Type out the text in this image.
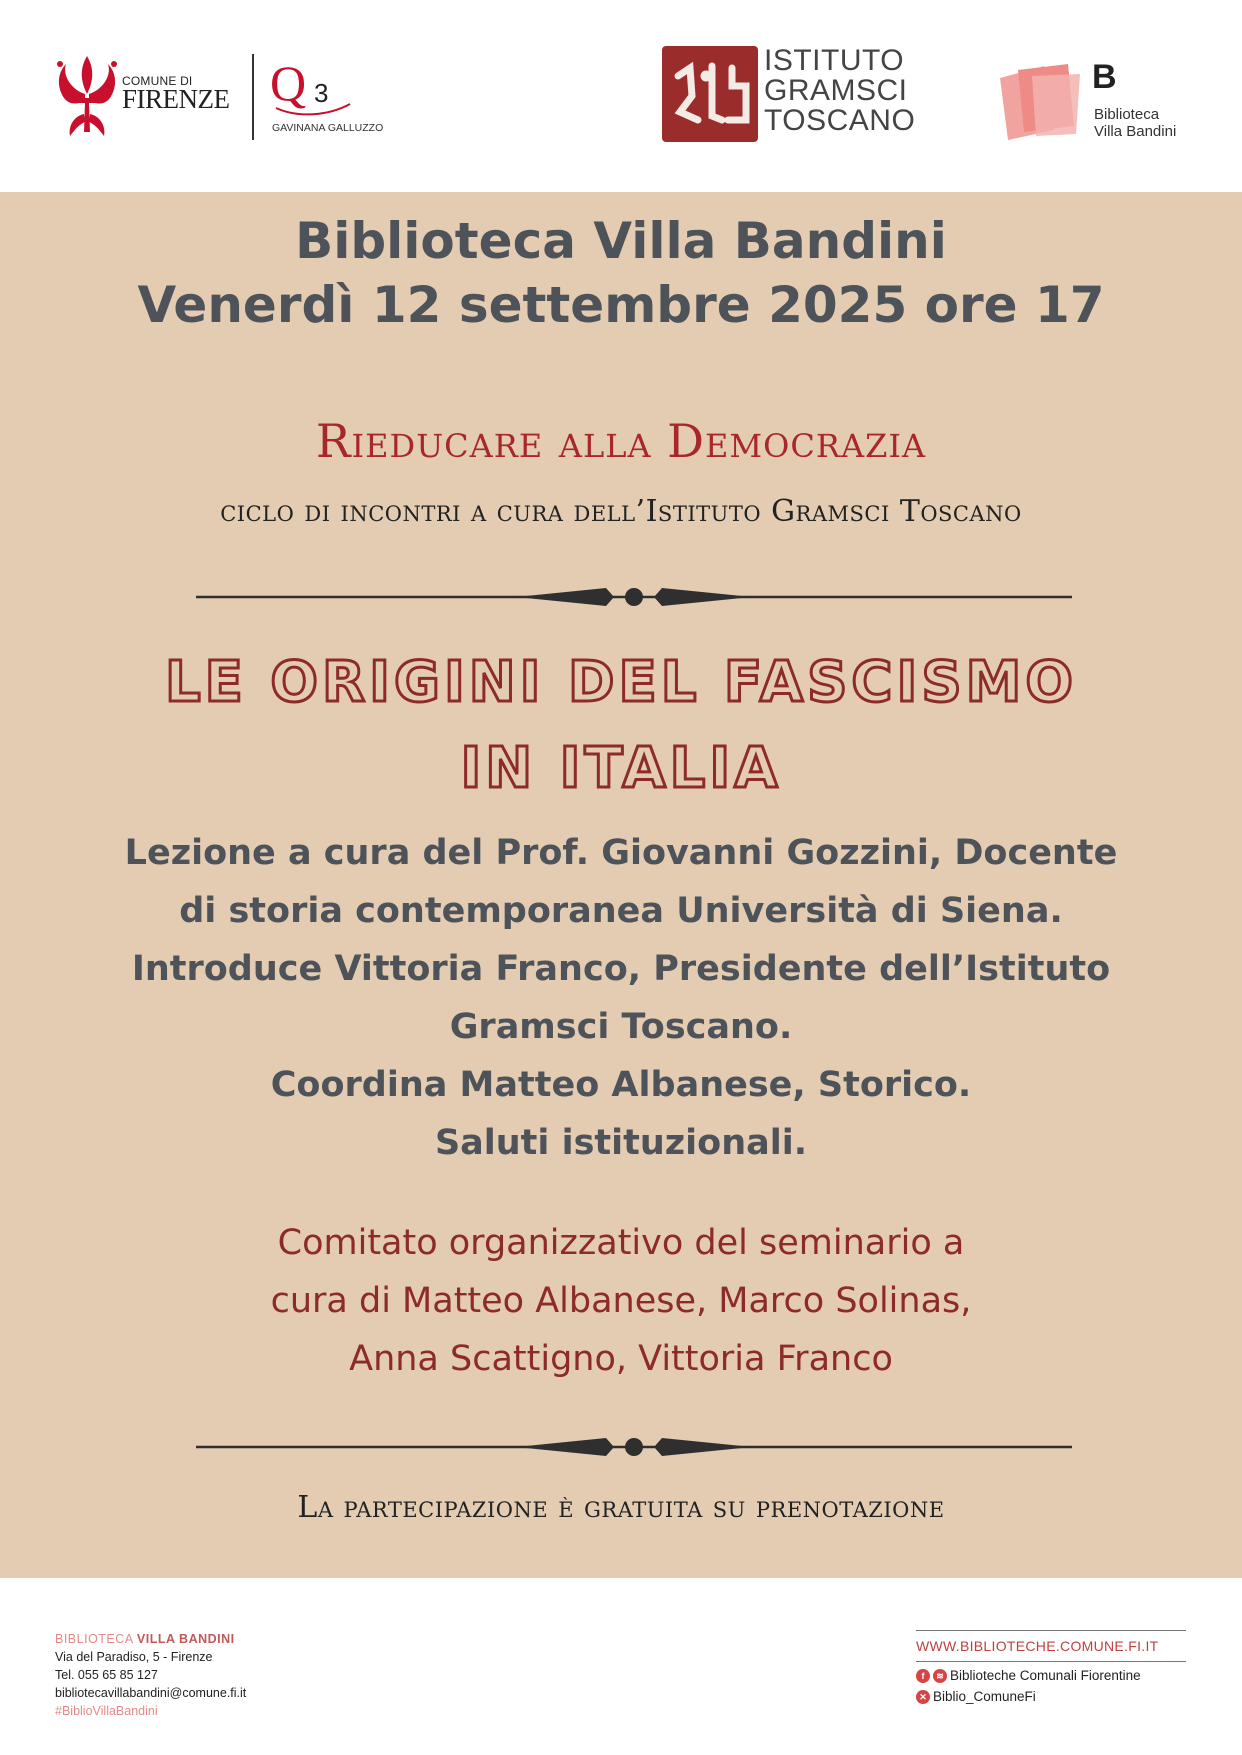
COMUNE DI
FIRENZE Q 3
GAVINANA GALLUZZO
ISTITUTO
GRAMSCI
TOSCANO
B
Biblioteca
Villa Bandini
Biblioteca Villa Bandini
Venerdì 12 settembre 2025 ore 17
Rieducare alla Democrazia
ciclo di incontri a cura dell’Istituto Gramsci Toscano
LE ORIGINI DEL FASCISMO
IN ITALIA
Lezione a cura del Prof. Giovanni Gozzini, Docente
di storia contemporanea Università di Siena.
Introduce Vittoria Franco, Presidente dell’Istituto
Gramsci Toscano.
Coordina Matteo Albanese, Storico.
Saluti istituzionali.
Comitato organizzativo del seminario a
cura di Matteo Albanese, Marco Solinas,
Anna Scattigno, Vittoria Franco
La partecipazione è gratuita su prenotazione
BIBLIOTECA VILLA BANDINI
Via del Paradiso, 5 - Firenze
Tel. 055 65 85 127
bibliotecavillabandini@comune.fi.it
#BiblioVillaBandini
WWW.BIBLIOTECHE.COMUNE.FI.IT
f	≋ Biblioteche Comunali Fiorentine
✕ Biblio_ComuneFi
